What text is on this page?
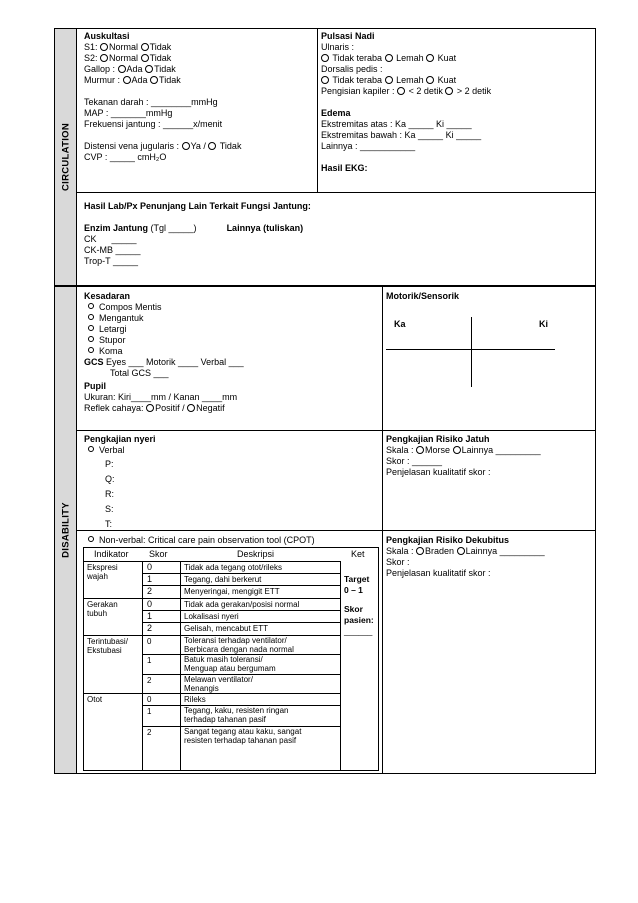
CIRCULATION
Auskultasi
S1: Normal Tidak
S2: Normal Tidak
Gallop : Ada Tidak
Murmur : Ada Tidak
Tekanan darah : ________mmHg
MAP : _______mmHg
Frekuensi jantung : ______x/menit
Distensi vena jugularis : Ya / Tidak
CVP : _____ cmH₂O
Pulsasi Nadi
Ulnaris :
Tidak teraba Lemah Kuat
Dorsalis pedis :
Tidak teraba Lemah Kuat
Pengisian kapiler : < 2 detik > 2 detik
Edema
Ekstremitas atas : Ka _____ Ki _____
Ekstremitas bawah : Ka _____ Ki _____
Lainnya : ___________
Hasil EKG:
Hasil Lab/Px Penunjang Lain Terkait Fungsi Jantung:
Enzim Jantung (Tgl _____)	Lainnya (tuliskan)
CK      _____
CK-MB _____
Trop-T _____
DISABILITY
Kesadaran
Compos Mentis
Mengantuk
Letargi
Stupor
Koma
GCS Eyes ___ Motorik ____ Verbal ___
Total GCS ___
Pupil
Ukuran: Kiri____mm / Kanan ____mm
Reflek cahaya: Positif / Negatif
Motorik/Sensorik
Ka	Ki
Pengkajian nyeri
Verbal
P:
Q:
R:
S:
T:
Pengkajian Risiko Jatuh
Skala : Morse Lainnya _________
Skor : ______
Penjelasan kualitatif skor :
Non-verbal: Critical care pain observation tool (CPOT)
Indikator Skor	Deskripsi	Ket
Ekspresi
wajah
0	Tidak ada tegang otot/rileks
1	Tegang, dahi berkerut
2	Menyeringai, mengigit ETT
Gerakan
tubuh
0	Tidak ada gerakan/posisi normal
1	Lokalisasi nyeri
2	Gelisah, mencabut ETT
Terintubasi/
Ekstubasi
0	Toleransi terhadap ventilator/
Berbicara dengan nada normal
1	Batuk masih toleransi/
Menguap atau bergumam
2	Melawan ventilator/
Menangis
Otot	0	Rileks
1	Tegang, kaku, resisten ringan
terhadap tahanan pasif
2	Sangat tegang atau kaku, sangat
resisten terhadap tahanan pasif
Target
0 – 1
Skor
pasien:
______
Pengkajian Risiko Dekubitus
Skala : Braden Lainnya _________
Skor :
Penjelasan kualitatif skor :
